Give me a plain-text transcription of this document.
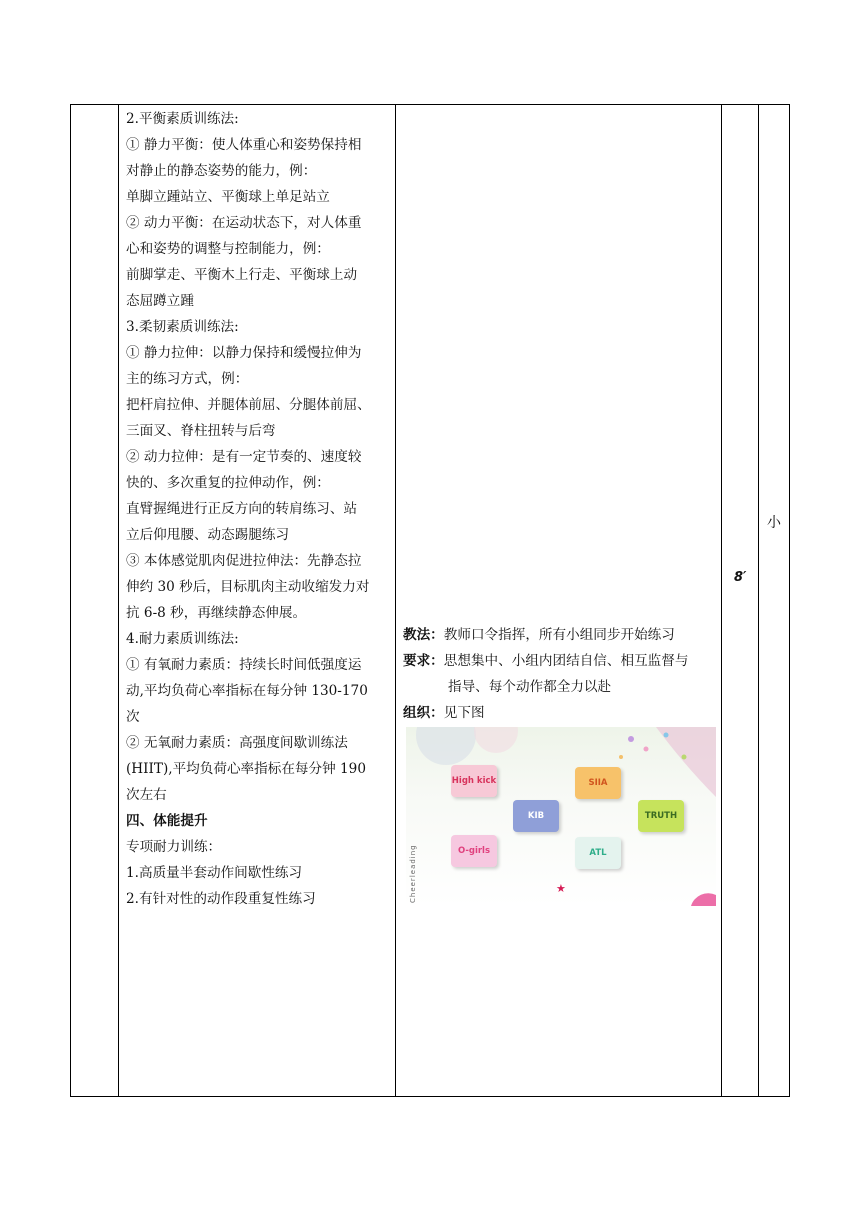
2.平衡素质训练法:
① 静力平衡：使人体重心和姿势保持相
对静止的静态姿势的能力，例：
单脚立踵站立、平衡球上单足站立
② 动力平衡：在运动状态下，对人体重
心和姿势的调整与控制能力，例：
前脚掌走、平衡木上行走、平衡球上动
态屈蹲立踵
3.柔韧素质训练法:
① 静力拉伸：以静力保持和缓慢拉伸为
主的练习方式，例：
把杆肩拉伸、并腿体前屈、分腿体前屈、
三面叉、脊柱扭转与后弯
② 动力拉伸：是有一定节奏的、速度较
快的、多次重复的拉伸动作，例：
直臂握绳进行正反方向的转肩练习、站
立后仰甩腰、动态踢腿练习
③ 本体感觉肌肉促进拉伸法：先静态拉
伸约 30 秒后，目标肌肉主动收缩发力对
抗 6-8 秒，再继续静态伸展。
4.耐力素质训练法:
① 有氧耐力素质：持续长时间低强度运
动,平均负荷心率指标在每分钟 130-170
次
② 无氧耐力素质：高强度间歇训练法
(HIIT),平均负荷心率指标在每分钟 190
次左右
四、体能提升
专项耐力训练：
1.高质量半套动作间歇性练习
2.有针对性的动作段重复性练习
教法：教师口令指挥，所有小组同步开始练习
要求：思想集中、小组内团结自信、相互监督与
指导、每个动作都全力以赴
组织：见下图
★
Cheerleading
High kick	SIIA
KIB	TRUTH
O-girls	ATL
8′
小
